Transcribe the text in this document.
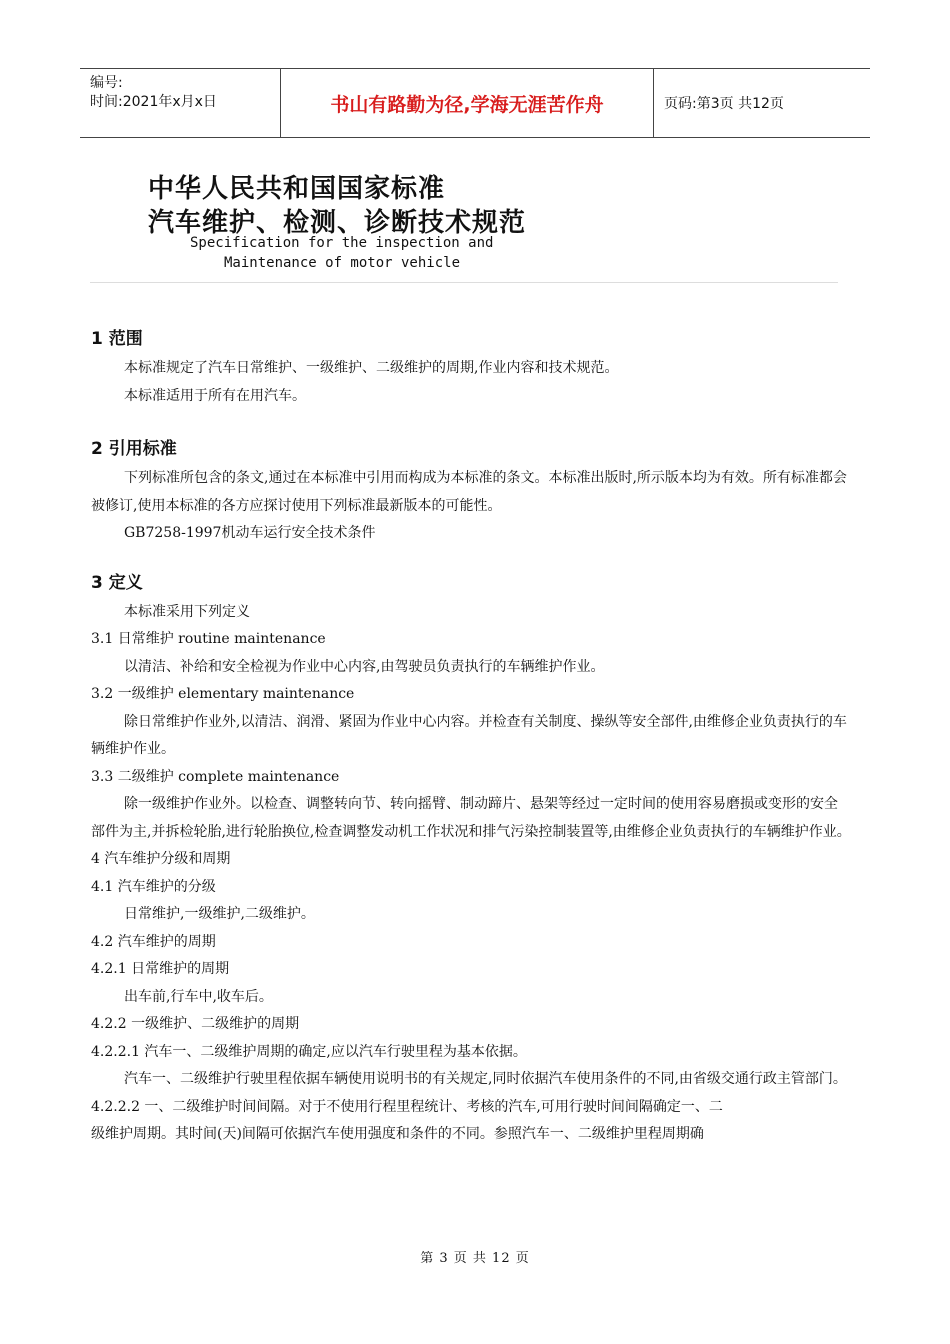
编号:
时间:2021年x月x日	书山有路勤为径,学海无涯苦作舟	页码:第3页 共12页
中华人民共和国国家标准
汽车维护、检测、诊断技术规范
Specification for the inspection and
Maintenance of motor vehicle
1 范围

本标准规定了汽车日常维护、一级维护、二级维护的周期,作业内容和技术规范。

本标准适用于所有在用汽车。

2 引用标准

下列标准所包含的条文,通过在本标准中引用而构成为本标准的条文。本标准出版时,所示版本均为有效。所有标准都会被修订,使用本标准的各方应探讨使用下列标准最新版本的可能性。

GB7258-1997机动车运行安全技术条件

3 定义

本标准采用下列定义

3.1 日常维护 routine maintenance

以清洁、补给和安全检视为作业中心内容,由驾驶员负责执行的车辆维护作业。

3.2 一级维护 elementary maintenance

除日常维护作业外,以清洁、润滑、紧固为作业中心内容。并检查有关制度、操纵等安全部件,由维修企业负责执行的车辆维护作业。

3.3 二级维护 complete maintenance

除一级维护作业外。以检查、调整转向节、转向摇臂、制动蹄片、悬架等经过一定时间的使用容易磨损或变形的安全部件为主,并拆检轮胎,进行轮胎换位,检查调整发动机工作状况和排气污染控制装置等,由维修企业负责执行的车辆维护作业。

4 汽车维护分级和周期

4.1 汽车维护的分级

日常维护,一级维护,二级维护。

4.2 汽车维护的周期

4.2.1 日常维护的周期

出车前,行车中,收车后。

4.2.2 一级维护、二级维护的周期

4.2.2.1 汽车一、二级维护周期的确定,应以汽车行驶里程为基本依据。

汽车一、二级维护行驶里程依据车辆使用说明书的有关规定,同时依据汽车使用条件的不同,由省级交通行政主管部门。

4.2.2.2 一、二级维护时间间隔。对于不使用行程里程统计、考核的汽车,可用行驶时间间隔确定一、二

级维护周期。其时间(天)间隔可依据汽车使用强度和条件的不同。参照汽车一、二级维护里程周期确

第 3 页 共 12 页
